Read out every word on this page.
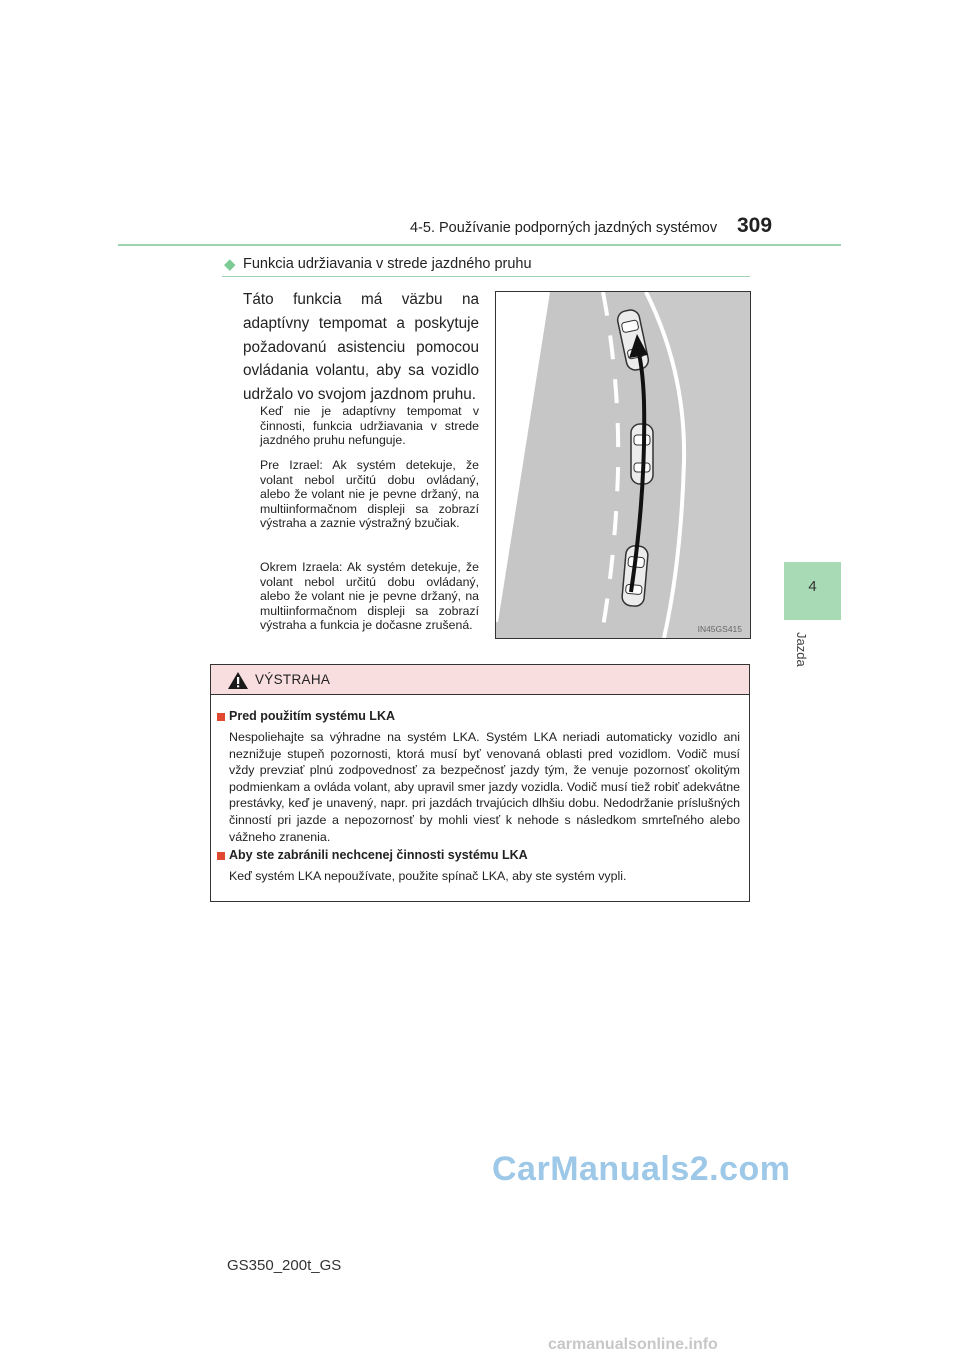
4-5. Používanie podporných jazdných systémov 309
4
Jazda
◆ Funkcia udržiavania v strede jazdného pruhu
Táto funkcia má väzbu na adaptívny tempomat a poskytuje požadovanú asistenciu pomocou ovládania volantu, aby sa vozidlo udržalo vo svojom jazdnom pruhu.
Keď nie je adaptívny tempomat v činnosti, funkcia udržiavania v strede jazdného pruhu nefunguje.
Pre Izrael: Ak systém detekuje, že volant nebol určitú dobu ovládaný, alebo že volant nie je pevne držaný, na multiinformačnom displeji sa zobrazí výstraha a zaznie výstražný bzučiak.
Okrem Izraela: Ak systém detekuje, že volant nebol určitú dobu ovládaný, alebo že volant nie je pevne držaný, na multiinformačnom displeji sa zobrazí výstraha a funkcia je dočasne zrušená.	IN45GS415
VÝSTRAHA
Pred použitím systému LKA
Nespoliehajte sa výhradne na systém LKA. Systém LKA neriadi automaticky vozidlo ani neznižuje stupeň pozornosti, ktorá musí byť venovaná oblasti pred vozidlom. Vodič musí vždy prevziať plnú zodpovednosť za bezpečnosť jazdy tým, že venuje pozornosť okolitým podmienkam a ovláda volant, aby upravil smer jazdy vozidla. Vodič musí tiež robiť adekvátne prestávky, keď je unavený, napr. pri jazdách trvajúcich dlhšiu dobu. Nedodržanie príslušných činností pri jazde a nepozornosť by mohli viesť k nehode s následkom smrteľného alebo vážneho zranenia.
Aby ste zabránili nechcenej činnosti systému LKA
Keď systém LKA nepoužívate, použite spínač LKA, aby ste systém vypli.
GS350_200t_GS
CarManuals2.com
carmanualsonline.info
